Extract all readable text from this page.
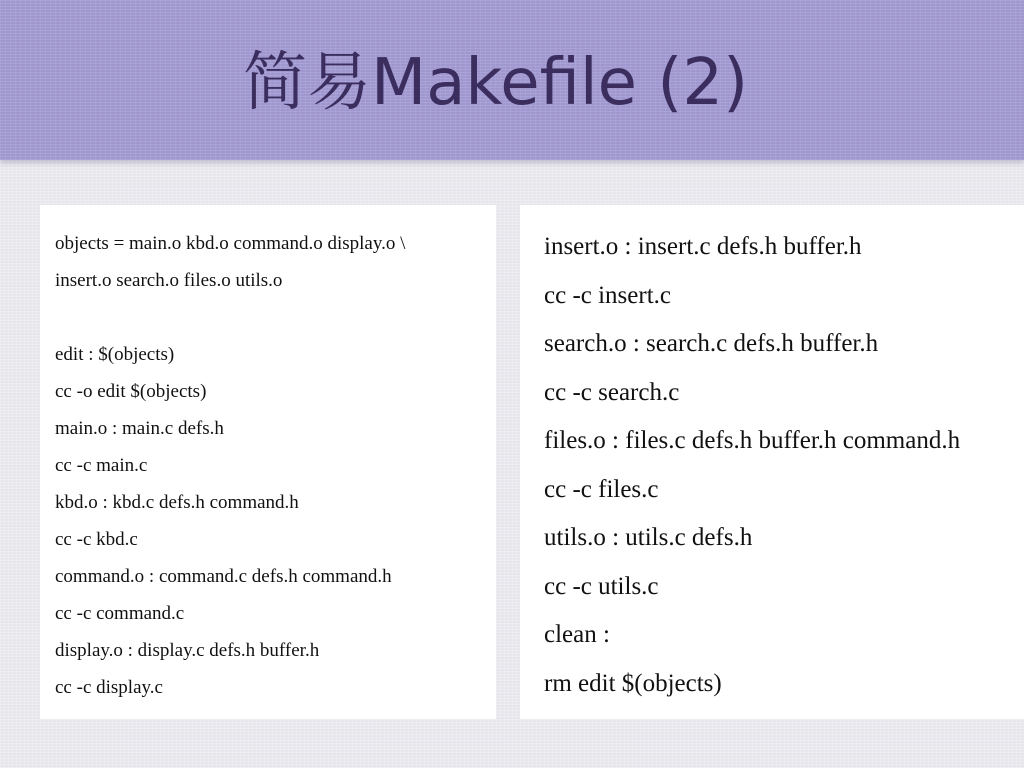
简易Makefile (2)
objects = main.o kbd.o command.o display.o \
insert.o search.o files.o utils.o
edit : $(objects)
cc -o edit $(objects)
main.o : main.c defs.h
cc -c main.c
kbd.o : kbd.c defs.h command.h
cc -c kbd.c
command.o : command.c defs.h command.h
cc -c command.c
display.o : display.c defs.h buffer.h
cc -c display.c
insert.o : insert.c defs.h buffer.h
cc -c insert.c
search.o : search.c defs.h buffer.h
cc -c search.c
files.o : files.c defs.h buffer.h command.h
cc -c files.c
utils.o : utils.c defs.h
cc -c utils.c
clean :
rm edit $(objects)
